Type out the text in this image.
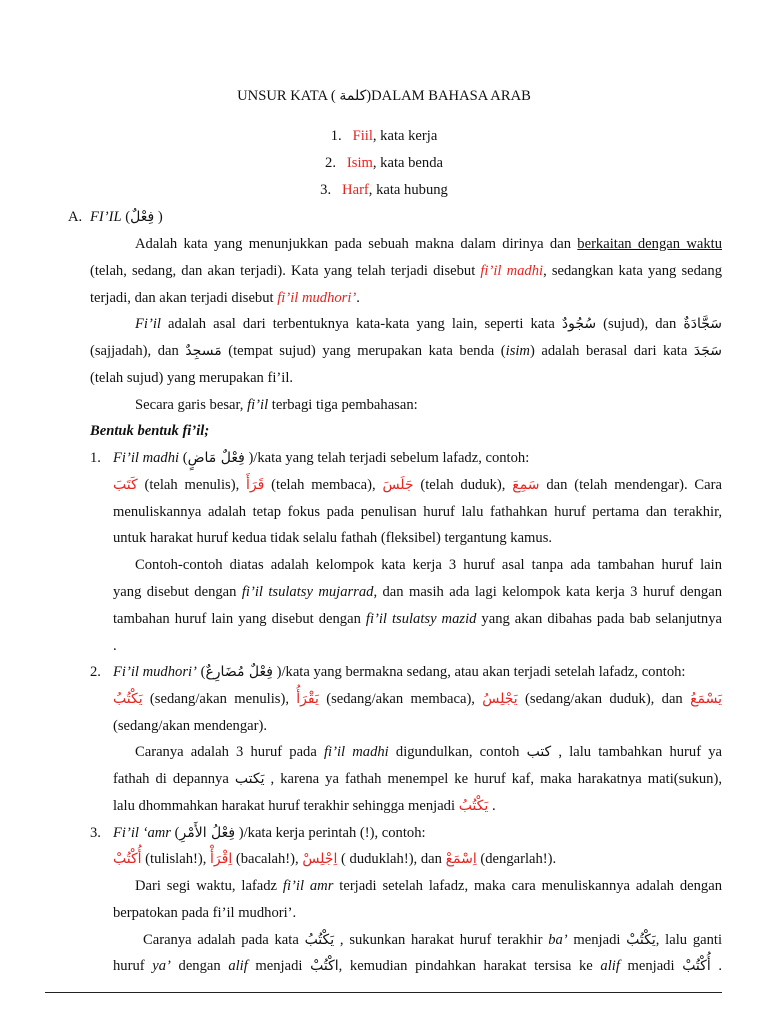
UNSUR KATA ( كلمة)DALAM BAHASA ARAB
1. Fiil, kata kerja
2. Isim, kata benda
3. Harf, kata hubung
A. FI’IL (فِعْلٌ )
Adalah kata yang menunjukkan pada sebuah makna dalam dirinya dan berkaitan dengan waktu
(telah, sedang, dan akan terjadi). Kata yang telah terjadi disebut fi’il madhi, sedangkan kata yang sedang
terjadi, dan akan terjadi disebut fi’il mudhori’.
Fi’il adalah asal dari terbentuknya kata-kata yang lain, seperti kata سُجُودٌ (sujud), dan سَجَّادَةٌ
(sajjadah), dan مَسجِدٌ (tempat sujud) yang merupakan kata benda (isim) adalah berasal dari kata سَجَدَ
(telah sujud) yang merupakan fi’il.
Secara garis besar, fi’il terbagi tiga pembahasan:
Bentuk bentuk fi’il;
1. Fi’il madhi (فِعْلٌ مَاضٍ )/kata yang telah terjadi sebelum lafadz, contoh:
كَتَبَ (telah menulis), قَرَأَ (telah membaca), جَلَسَ (telah duduk), سَمِعَ dan (telah mendengar). Cara
menuliskannya adalah tetap fokus pada penulisan huruf lalu fathahkan huruf pertama dan terakhir,
untuk harakat huruf kedua tidak selalu fathah (fleksibel) tergantung kamus.
Contoh-contoh diatas adalah kelompok kata kerja 3 huruf asal tanpa ada tambahan huruf lain
yang disebut dengan fi’il tsulatsy mujarrad, dan masih ada lagi kelompok kata kerja 3 huruf dengan
tambahan huruf lain yang disebut dengan fi’il tsulatsy mazid yang akan dibahas pada bab selanjutnya
.
2. Fi’il mudhori’ (فِعْلٌ مُضَارِعٌ )/kata yang bermakna sedang, atau akan terjadi setelah lafadz, contoh:
يَكْتُبُ (sedang/akan menulis), يَقْرَأُ (sedang/akan membaca), يَجْلِسُ (sedang/akan duduk), dan يَسْمَعُ
(sedang/akan mendengar).
Caranya adalah 3 huruf pada fi’il madhi digundulkan, contoh كتب , lalu tambahkan huruf ya
fathah di depannya يَكتب , karena ya fathah menempel ke huruf kaf, maka harakatnya mati(sukun),
lalu dhommahkan harakat huruf terakhir sehingga menjadi يَكْتُبُ .
3. Fi’il ‘amr (فِعْلُ الأَمْرِ )/kata kerja perintah (!), contoh:
أُكْتُبْ (tulislah!), اِقْرَأْ (bacalah!), اِجْلِسْ ( duduklah!), dan اِسْمَعْ (dengarlah!).
Dari segi waktu, lafadz fi’il amr terjadi setelah lafadz, maka cara menuliskannya adalah dengan
berpatokan pada fi’il mudhori’.
Caranya adalah pada kata يَكْتُبُ , sukunkan harakat huruf terakhir ba’ menjadi يَكْتُبْ, lalu ganti
huruf ya’ dengan alif menjadi اكْتُبْ, kemudian pindahkan harakat tersisa ke alif menjadi أُكْتُبْ .
